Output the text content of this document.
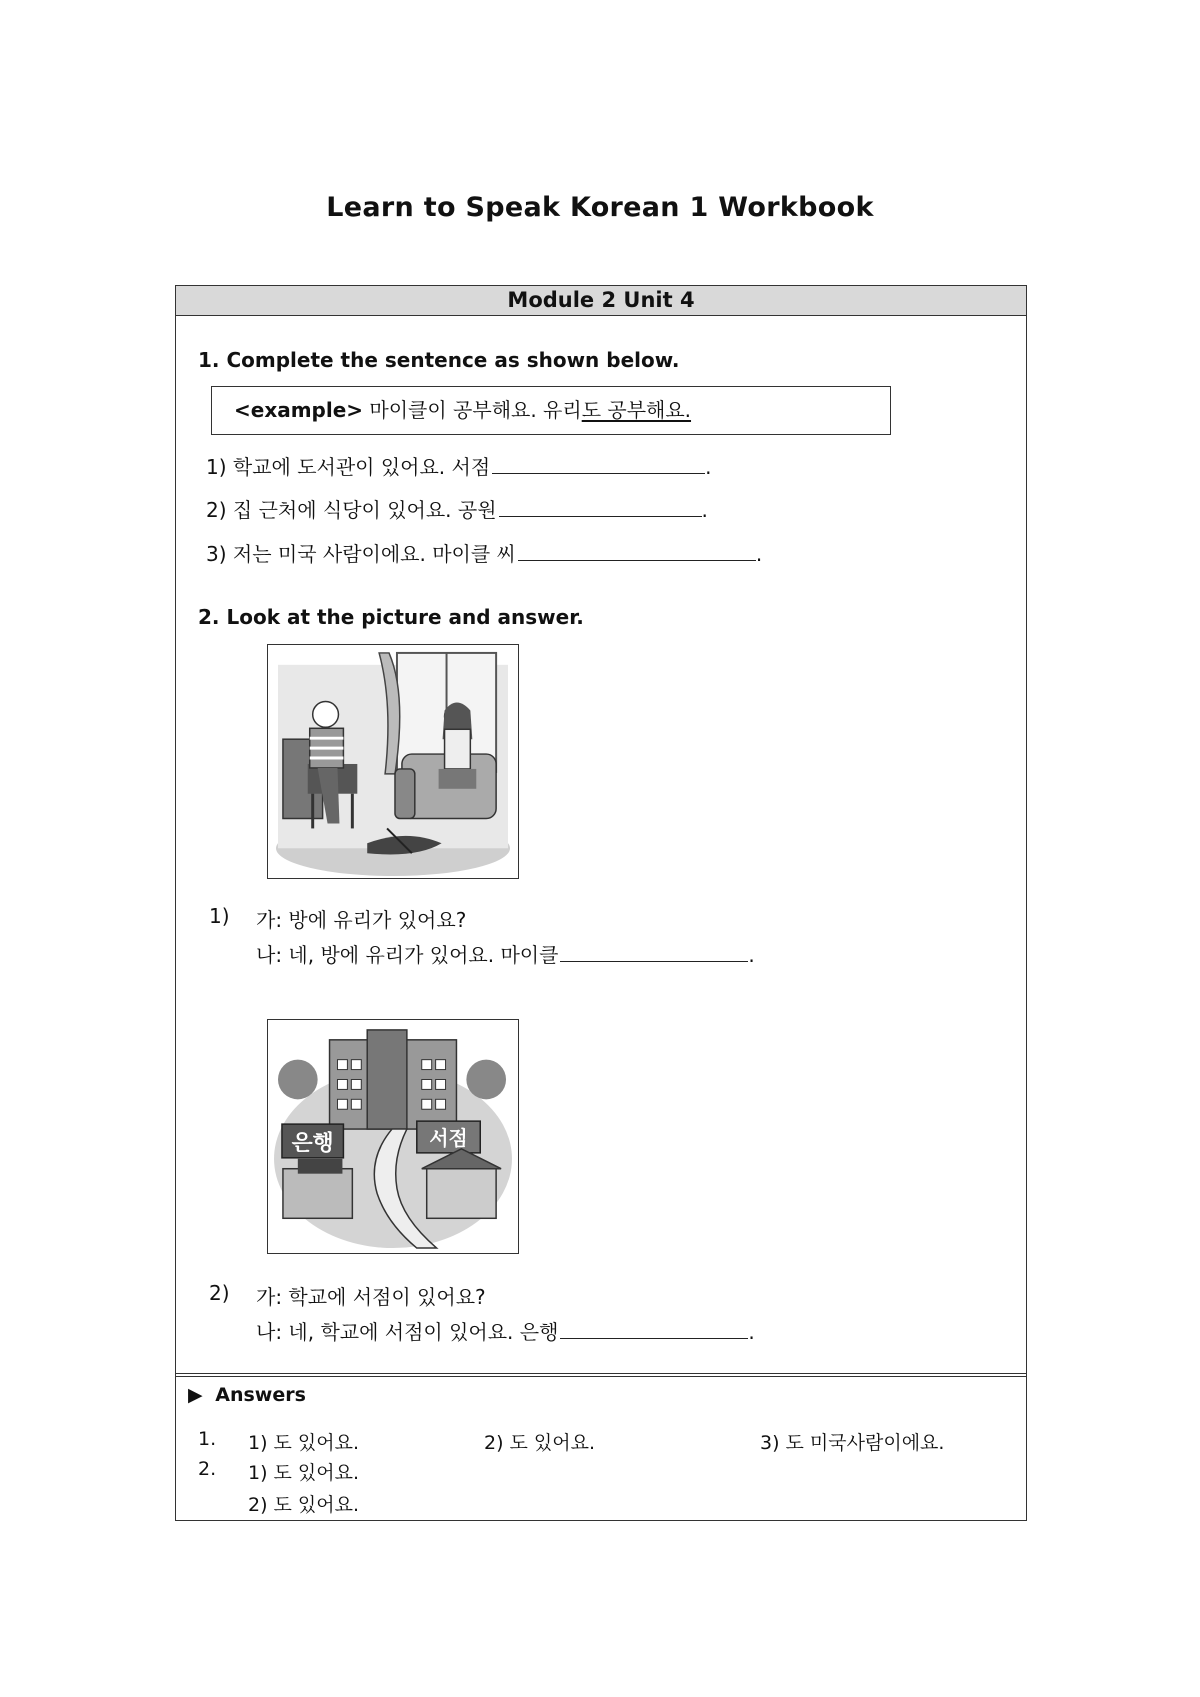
Learn to Speak Korean 1 Workbook
Module 2 Unit 4
1. Complete the sentence as shown below.
<example> 마이클이 공부해요. 유리도 공부해요.
1) 학교에 도서관이 있어요. 서점	.
2) 집 근처에 식당이 있어요. 공원	.
3) 저는 미국 사람이에요. 마이클 씨	.
2. Look at the picture and answer.
1) 가: 방에 유리가 있어요?
나: 네, 방에 유리가 있어요. 마이클	.
은행	서점
2) 가: 학교에 서점이 있어요?
나: 네, 학교에 서점이 있어요. 은행	.
▶ Answers
1. 1) 도 있어요.	2) 도 있어요.	3) 도 미국사람이에요.
2. 1) 도 있어요.
2) 도 있어요.
